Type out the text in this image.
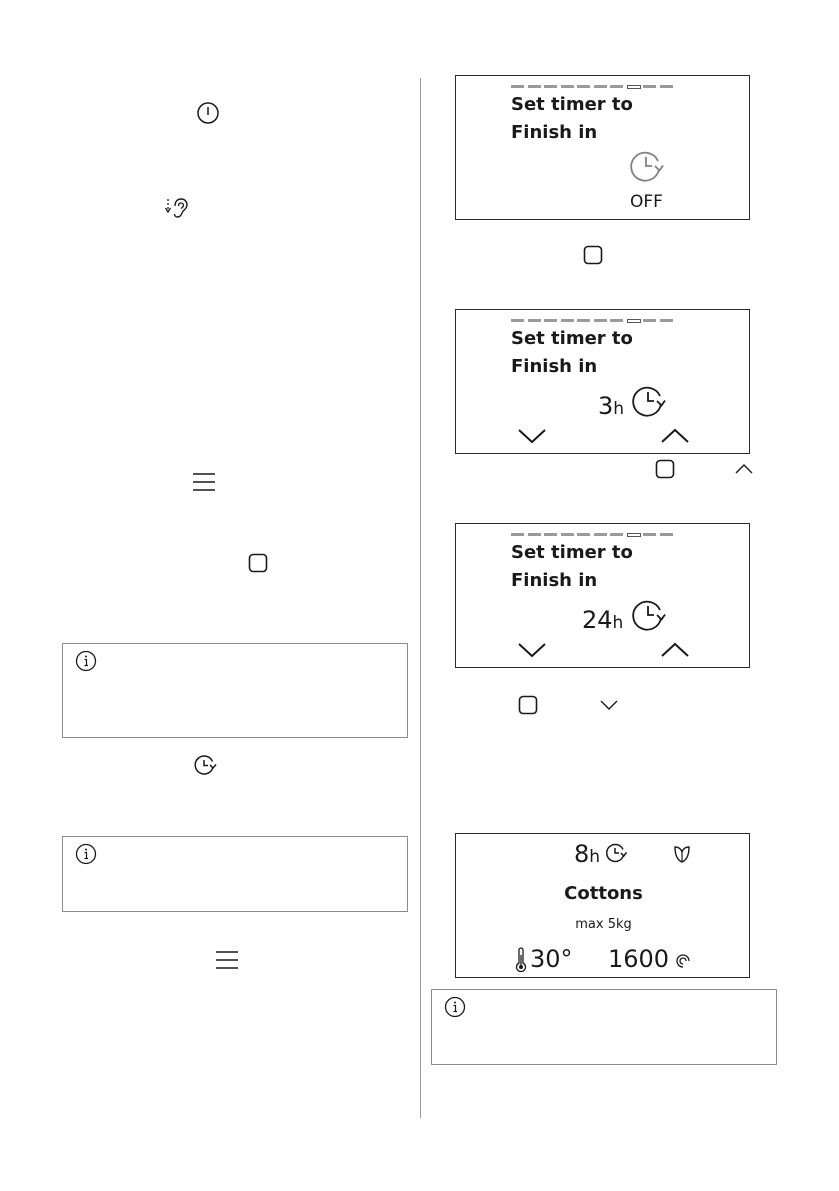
Set timer to
Finish in
OFF
Set timer to
Finish in
3h
Set timer to
Finish in
24h
8h
Cottons
max 5kg
30° 1600
